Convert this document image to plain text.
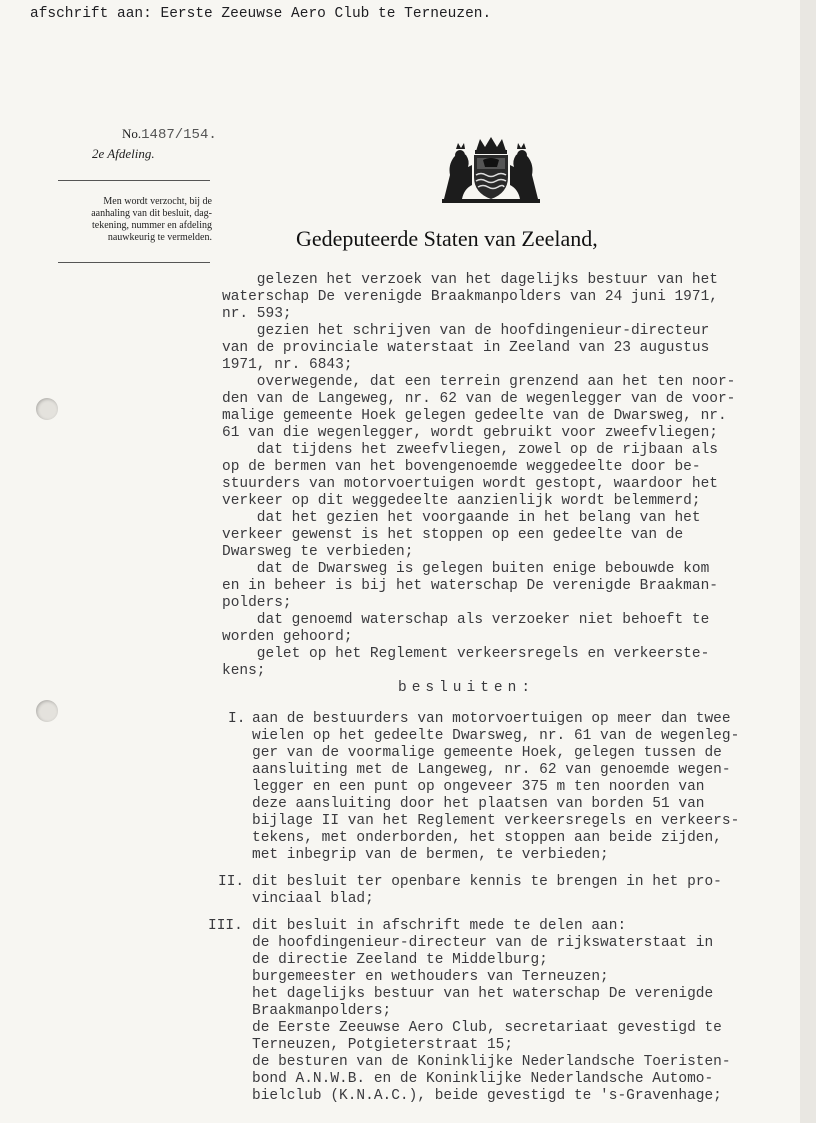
afschrift aan: Eerste Zeeuwse Aero Club te Terneuzen.
No.1487/154.
2e Afdeling.
Men wordt verzocht, bij de
aanhaling van dit besluit, dag-
tekening, nummer en afdeling
nauwkeurig te vermelden.	Gedeputeerde Staten van Zeeland,
gelezen het verzoek van het dagelijks bestuur van het
waterschap De verenigde Braakmanpolders van 24 juni 1971,
nr. 593;
gezien het schrijven van de hoofdingenieur-directeur
van de provinciale waterstaat in Zeeland van 23 augustus
1971, nr. 6843;
overwegende, dat een terrein grenzend aan het ten noor-
den van de Langeweg, nr. 62 van de wegenlegger van de voor-
malige gemeente Hoek gelegen gedeelte van de Dwarsweg, nr.
61 van die wegenlegger, wordt gebruikt voor zweefvliegen;
dat tijdens het zweefvliegen, zowel op de rijbaan als
op de bermen van het bovengenoemde weggedeelte door be-
stuurders van motorvoertuigen wordt gestopt, waardoor het
verkeer op dit weggedeelte aanzienlijk wordt belemmerd;
dat het gezien het voorgaande in het belang van het
verkeer gewenst is het stoppen op een gedeelte van de
Dwarsweg te verbieden;
dat de Dwarsweg is gelegen buiten enige bebouwde kom
en in beheer is bij het waterschap De verenigde Braakman-
polders;
dat genoemd waterschap als verzoeker niet behoeft te
worden gehoord;
gelet op het Reglement verkeersregels en verkeerste-
kens;
besluiten:
I. aan de bestuurders van motorvoertuigen op meer dan twee
wielen op het gedeelte Dwarsweg, nr. 61 van de wegenleg-
ger van de voormalige gemeente Hoek, gelegen tussen de
aansluiting met de Langeweg, nr. 62 van genoemde wegen-
legger en een punt op ongeveer 375 m ten noorden van
deze aansluiting door het plaatsen van borden 51 van
bijlage II van het Reglement verkeersregels en verkeers-
tekens, met onderborden, het stoppen aan beide zijden,
met inbegrip van de bermen, te verbieden;
II. dit besluit ter openbare kennis te brengen in het pro-
vinciaal blad;
III. dit besluit in afschrift mede te delen aan:
de hoofdingenieur-directeur van de rijkswaterstaat in
de directie Zeeland te Middelburg;
burgemeester en wethouders van Terneuzen;
het dagelijks bestuur van het waterschap De verenigde
Braakmanpolders;
de Eerste Zeeuwse Aero Club, secretariaat gevestigd te
Terneuzen, Potgieterstraat 15;
de besturen van de Koninklijke Nederlandsche Toeristen-
bond A.N.W.B. en de Koninklijke Nederlandsche Automo-
bielclub (K.N.A.C.), beide gevestigd te 's-Gravenhage;
